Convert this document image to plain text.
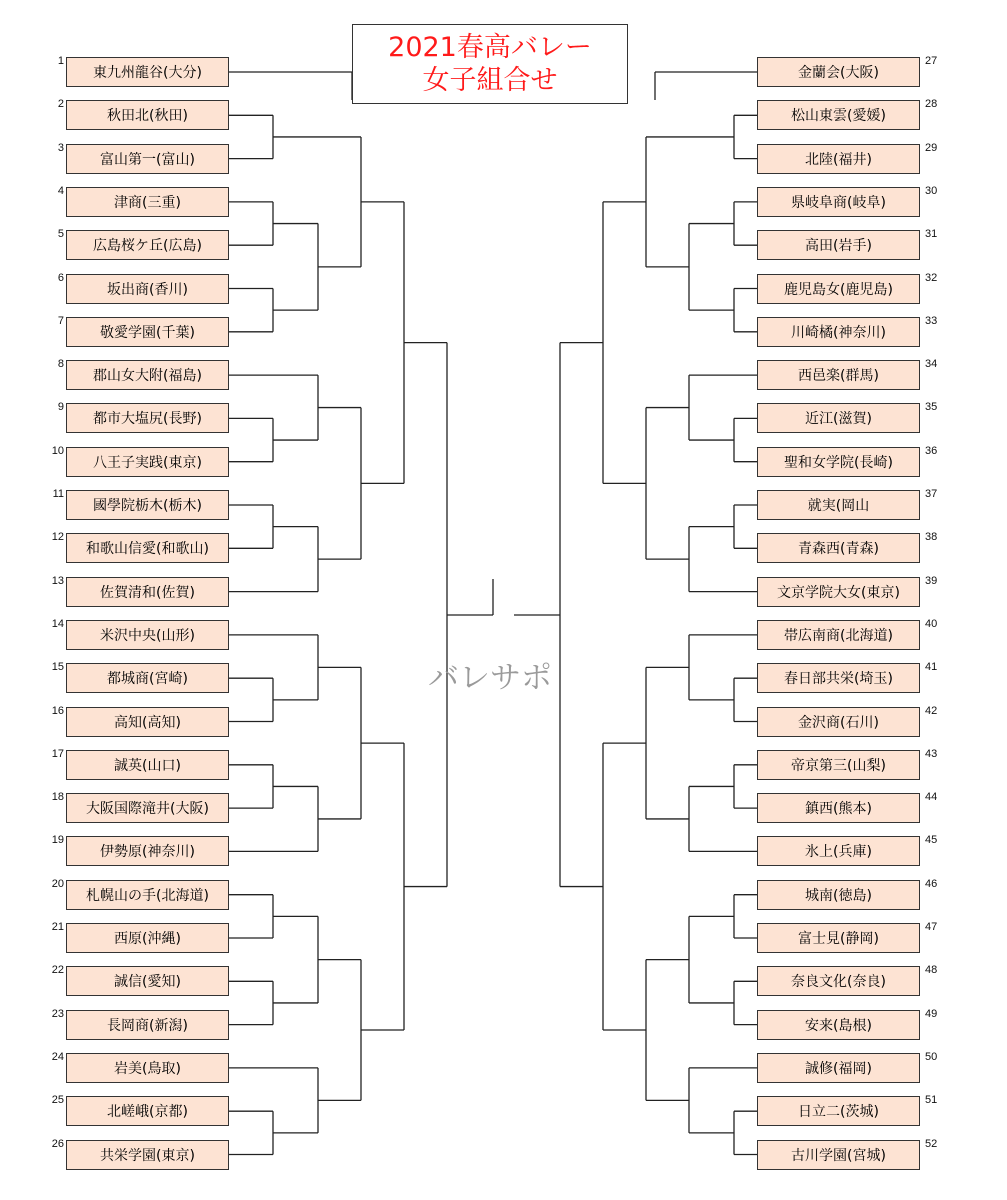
東九州龍谷(大分)
1
秋田北(秋田)
2
富山第一(富山)
3
津商(三重)
4
広島桜ケ丘(広島)
5
坂出商(香川)
6
敬愛学園(千葉)
7
郡山女大附(福島)
8
都市大塩尻(長野)
9
八王子実践(東京)
10
國學院栃木(栃木)
11
和歌山信愛(和歌山)
12
佐賀清和(佐賀)
13
米沢中央(山形)
14
都城商(宮崎)
15
高知(高知)
16
誠英(山口)
17
大阪国際滝井(大阪)
18
伊勢原(神奈川)
19
札幌山の手(北海道)
20
西原(沖縄)
21
誠信(愛知)
22
長岡商(新潟)
23
岩美(鳥取)
24
北嵯峨(京都)
25
共栄学園(東京)
26
金蘭会(大阪)
27
松山東雲(愛媛)
28
北陸(福井)
29
県岐阜商(岐阜)
30
高田(岩手)
31
鹿児島女(鹿児島)
32
川崎橘(神奈川)
33
西邑楽(群馬)
34
近江(滋賀)
35
聖和女学院(長崎)
36
就実(岡山
37
青森西(青森)
38
文京学院大女(東京)
39
帯広南商(北海道)
40
春日部共栄(埼玉)
41
金沢商(石川)
42
帝京第三(山梨)
43
鎮西(熊本)
44
氷上(兵庫)
45
城南(徳島)
46
富士見(静岡)
47
奈良文化(奈良)
48
安来(島根)
49
誠修(福岡)
50
日立二(茨城)
51
古川学園(宮城)
52
2021春高バレー
女子組合せ
バレサポ
